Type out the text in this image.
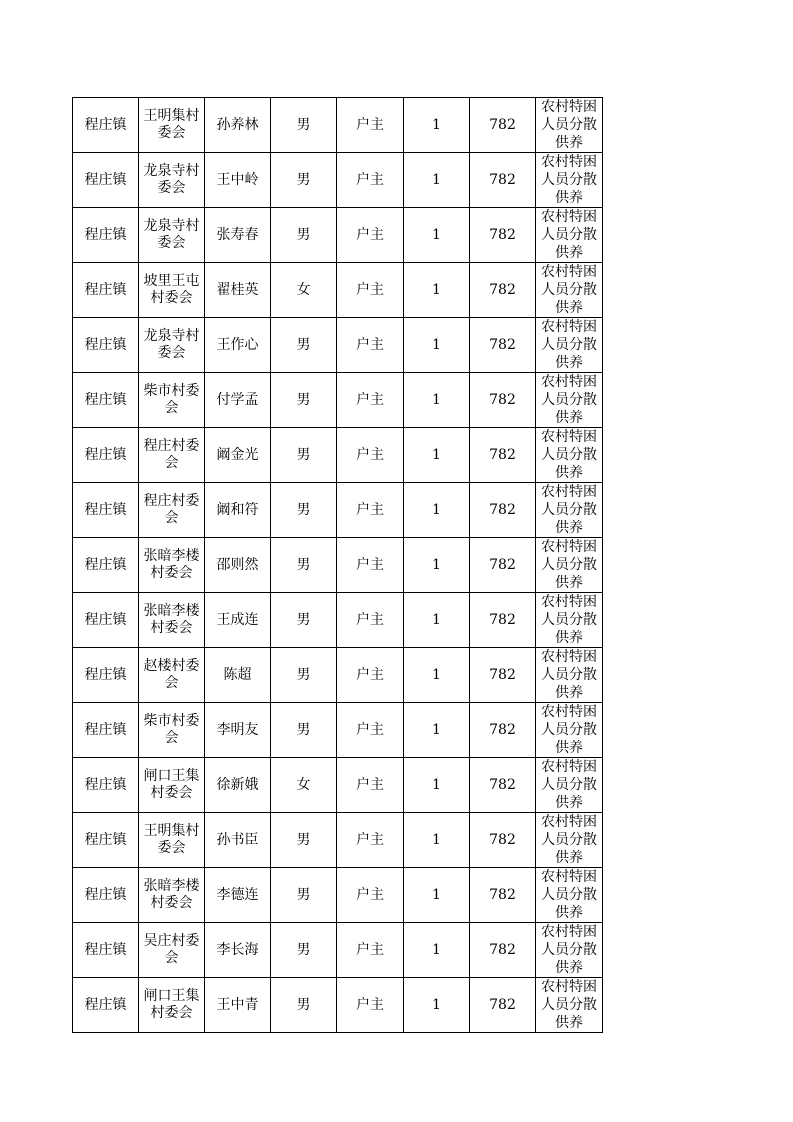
程庄镇	王明集村委会	孙养林	男	户主	1	782	农村特困人员分散供养
程庄镇	龙泉寺村委会	王中岭	男	户主	1	782	农村特困人员分散供养
程庄镇	龙泉寺村委会	张寿春	男	户主	1	782	农村特困人员分散供养
程庄镇	坡里王屯村委会	翟桂英	女	户主	1	782	农村特困人员分散供养
程庄镇	龙泉寺村委会	王作心	男	户主	1	782	农村特困人员分散供养
程庄镇	柴市村委会	付学孟	男	户主	1	782	农村特困人员分散供养
程庄镇	程庄村委会	阚金光	男	户主	1	782	农村特困人员分散供养
程庄镇	程庄村委会	阚和符	男	户主	1	782	农村特困人员分散供养
程庄镇	张暗李楼村委会	邵则然	男	户主	1	782	农村特困人员分散供养
程庄镇	张暗李楼村委会	王成连	男	户主	1	782	农村特困人员分散供养
程庄镇	赵楼村委会	陈超	男	户主	1	782	农村特困人员分散供养
程庄镇	柴市村委会	李明友	男	户主	1	782	农村特困人员分散供养
程庄镇	闸口王集村委会	徐新娥	女	户主	1	782	农村特困人员分散供养
程庄镇	王明集村委会	孙书臣	男	户主	1	782	农村特困人员分散供养
程庄镇	张暗李楼村委会	李德连	男	户主	1	782	农村特困人员分散供养
程庄镇	吴庄村委会	李长海	男	户主	1	782	农村特困人员分散供养
程庄镇	闸口王集村委会	王中青	男	户主	1	782	农村特困人员分散供养
